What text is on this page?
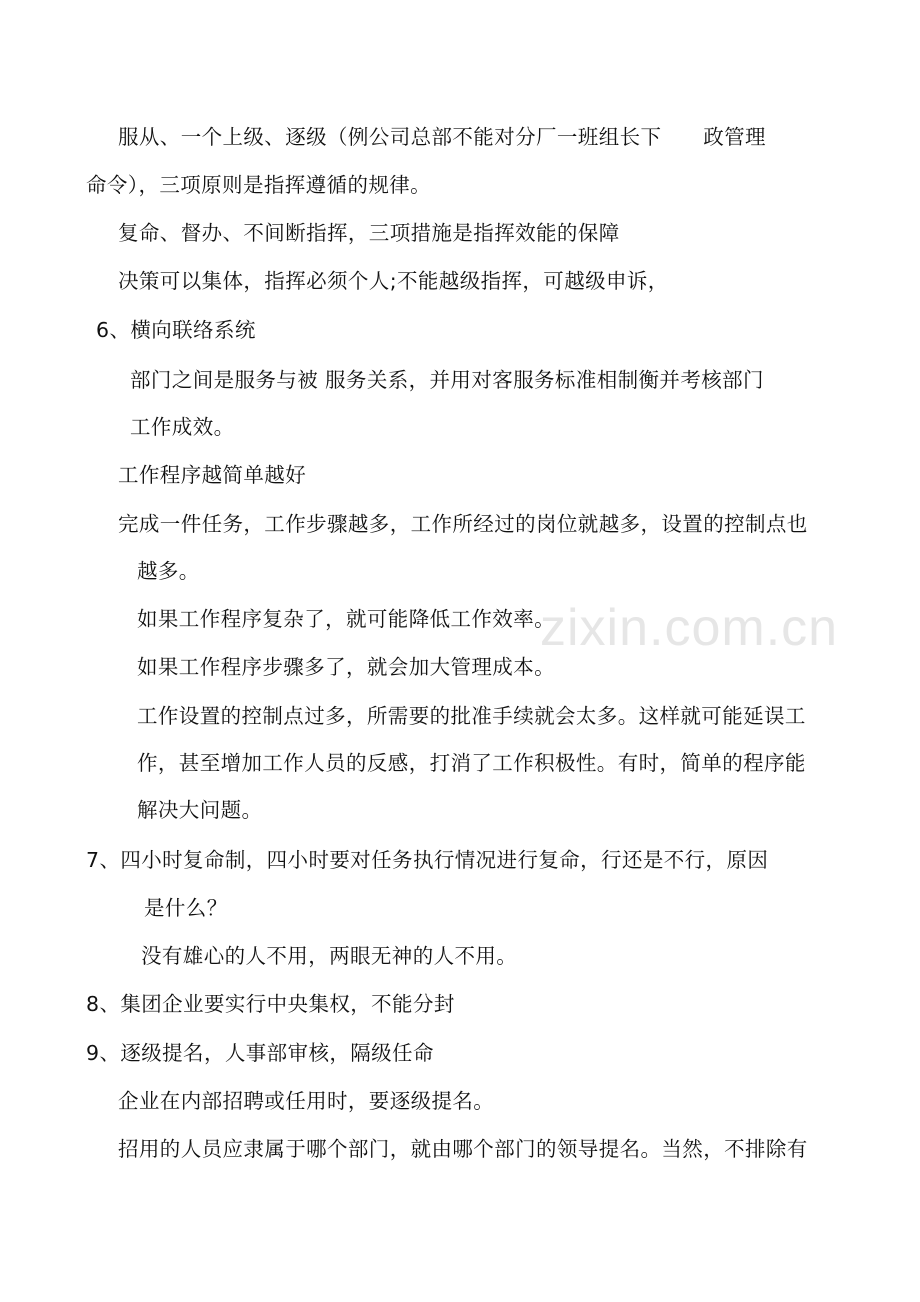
zixin.com.cn
服从、一个上级、逐级（例公司总部不能对分厂一班组长下　　政管理
命令），三项原则是指挥遵循的规律。
复命、督办、不间断指挥，三项措施是指挥效能的保障
决策可以集体，指挥必须个人;不能越级指挥，可越级申诉，
6、横向联络系统
部门之间是服务与被 服务关系，并用对客服务标准相制衡并考核部门
工作成效。
工作程序越简单越好
完成一件任务，工作步骤越多，工作所经过的岗位就越多，设置的控制点也
越多。
如果工作程序复杂了，就可能降低工作效率。
如果工作程序步骤多了，就会加大管理成本。
工作设置的控制点过多，所需要的批准手续就会太多。这样就可能延误工
作，甚至增加工作人员的反感，打消了工作积极性。有时，简单的程序能
解决大问题。
7、四小时复命制，四小时要对任务执行情况进行复命，行还是不行，原因
是什么？
没有雄心的人不用，两眼无神的人不用。
8、集团企业要实行中央集权，不能分封
9、逐级提名，人事部审核，隔级任命
企业在内部招聘或任用时，要逐级提名。
招用的人员应隶属于哪个部门，就由哪个部门的领导提名。当然，不排除有
